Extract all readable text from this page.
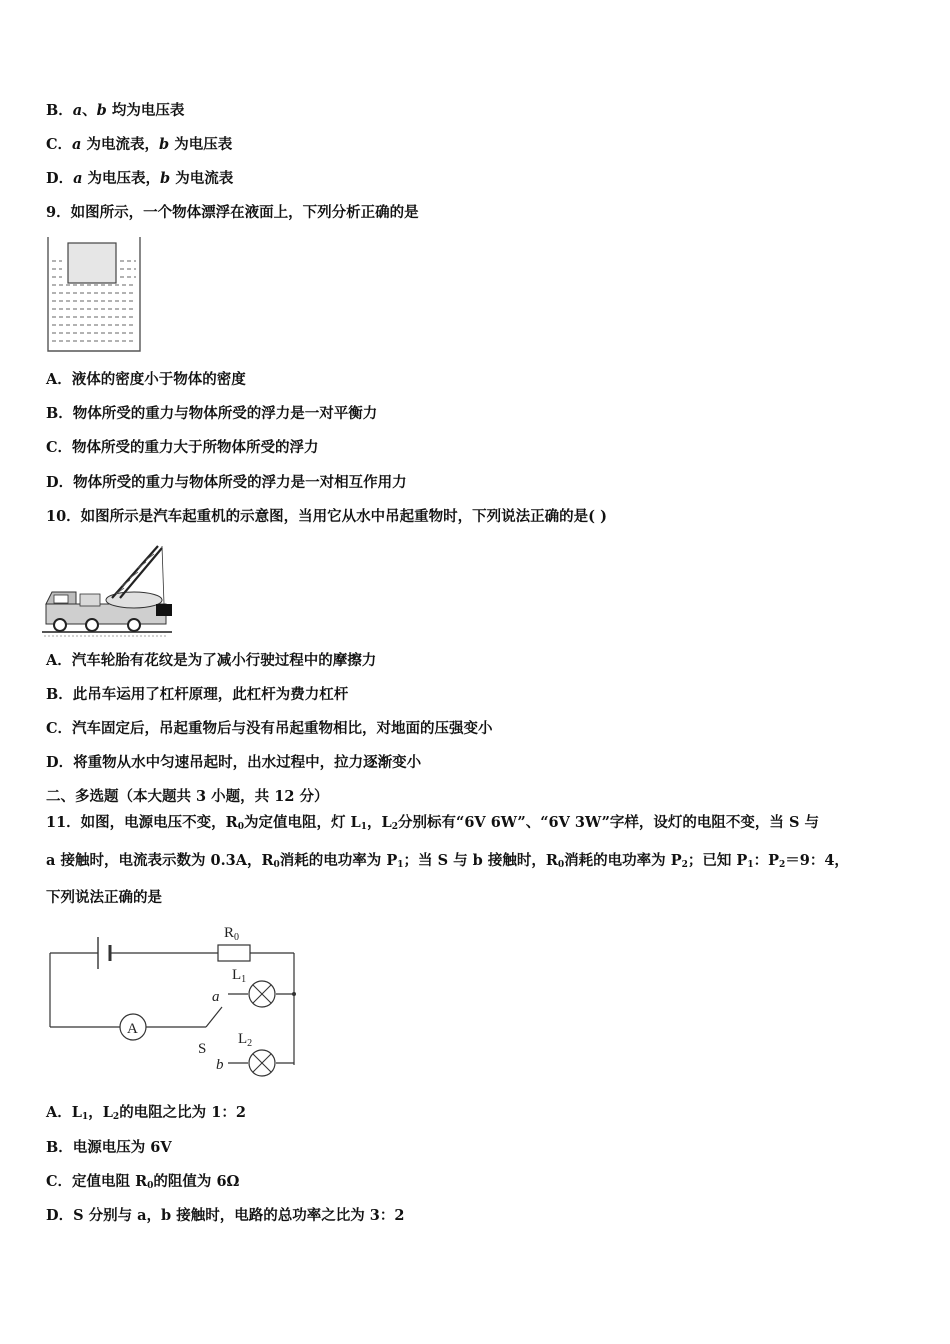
B．a、b 均为电压表
C．a 为电流表，b 为电压表
D．a 为电压表，b 为电流表
9．如图所示，一个物体漂浮在液面上，下列分析正确的是
A．液体的密度小于物体的密度
B．物体所受的重力与物体所受的浮力是一对平衡力
C．物体所受的重力大于所物体所受的浮力
D．物体所受的重力与物体所受的浮力是一对相互作用力
10．如图所示是汽车起重机的示意图，当用它从水中吊起重物时，下列说法正确的是( )
A．汽车轮胎有花纹是为了减小行驶过程中的摩擦力
B．此吊车运用了杠杆原理，此杠杆为费力杠杆
C．汽车固定后，吊起重物后与没有吊起重物相比，对地面的压强变小
D．将重物从水中匀速吊起时，出水过程中，拉力逐渐变小
二、多选题（本大题共 3 小题，共 12 分）
11．如图，电源电压不变，$R_0$为定值电阻，灯 $L_1$，$L_2$分别标有“6V 6W”、“6V 3W”字样，设灯的电阻不变，当 S 与
a 接触时，电流表示数为 0.3A，$R_0$消耗的电功率为 $P_1$；当 S 与 b 接触时，$R_0$消耗的电功率为 $P_2$；已知 $P_1$：$P_2=9$：4，
下列说法正确的是
$R_0$
$L_1$
$L_2$
A
a
S
b
A．$L_1$，$L_2$的电阻之比为 1：2
B．电源电压为 6V
C．定值电阻 $R_0$的阻值为 6Ω
D．S 分别与 a，b 接触时，电路的总功率之比为 3：2
